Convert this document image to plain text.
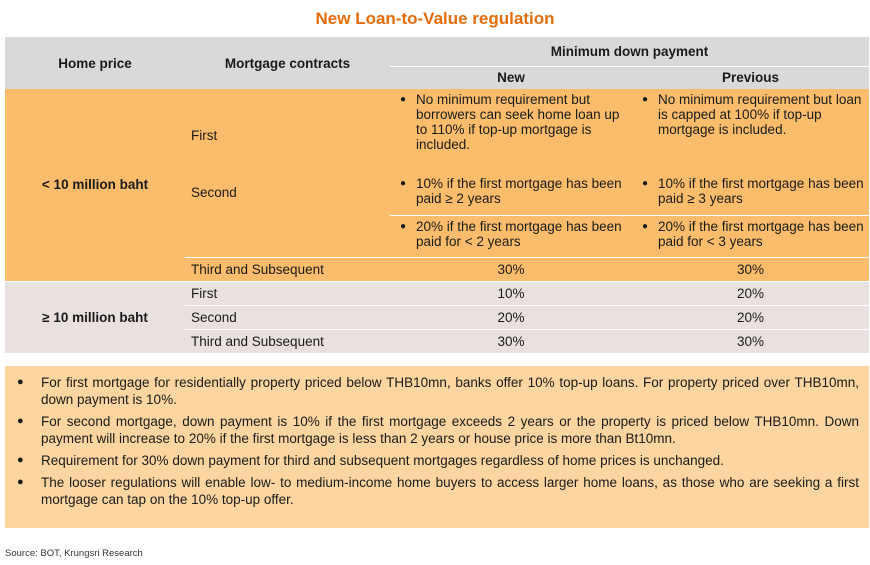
New Loan-to-Value regulation
Home price	Mortgage contracts	Minimum down payment	
		New	Previous
< 10 million baht	First	● No minimum requirement but borrowers can seek home loan up to 110% if top-up mortgage is included.	● No minimum requirement but loan is capped at 100% if top-up mortgage is included.

	Second	● 10% if the first mortgage has been paid ≥ 2 years	● 10% if the first mortgage has been paid ≥ 3 years

		● 20% if the first mortgage has been paid for < 2 years	● 20% if the first mortgage has been paid for < 3 years

	Third and Subsequent	30%	30%
≥ 10 million baht	First	10%	20%
	Second	20%	20%
	Third and Subsequent	30%	30%
●	For first mortgage for residentially property priced below THB10mn, banks offer 10% top-up loans. For property priced over THB10mn, down payment is 10%.
●	For second mortgage, down payment is 10% if the first mortgage exceeds 2 years or the property is priced below THB10mn. Down payment will increase to 20% if the first mortgage is less than 2 years or house price is more than Bt10mn.
●	Requirement for 30% down payment for third and subsequent mortgages regardless of home prices is unchanged.
●	The looser regulations will enable low- to medium-income home buyers to access larger home loans, as those who are seeking a first mortgage can tap on the 10% top-up offer.
Source: BOT, Krungsri Research
